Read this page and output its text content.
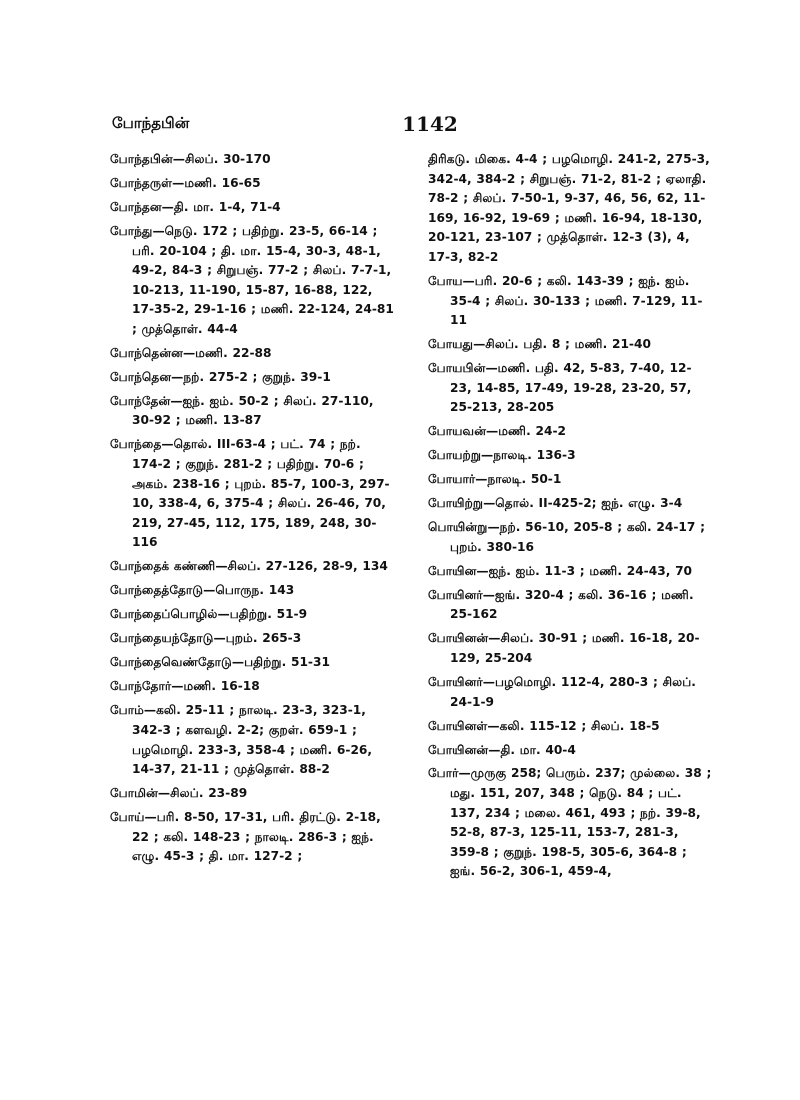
போந்தபின்	1142
போந்தபின்—சிலப். 30-170
போந்தருள்—மணி. 16-65
போந்தன—தி. மா. 1-4, 71-4
போந்து—நெடு. 172 ; பதிற்று. 23-5, 66-14 ; பரி. 20-104 ; தி. மா. 15-4, 30-3, 48-1, 49-2, 84-3 ; சிறுபஞ். 77-2 ; சிலப். 7-7-1, 10-213, 11-190, 15-87, 16-88, 122, 17-35-2, 29-1-16 ; மணி. 22-124, 24-81 ; முத்தொள். 44-4
போந்தென்ன—மணி. 22-88
போந்தென—நற். 275-2 ; குறுந். 39-1
போந்தேன்—ஐந். ஐம். 50-2 ; சிலப். 27-110, 30-92 ; மணி. 13-87
போந்தை—தொல். III-63-4 ; பட். 74 ; நற். 174-2 ; குறுந். 281-2 ; பதிற்று. 70-6 ; அகம். 238-16 ; புறம். 85-7, 100-3, 297-10, 338-4, 6, 375-4 ; சிலப். 26-46, 70, 219, 27-45, 112, 175, 189, 248, 30-116
போந்தைக் கண்ணி—சிலப். 27-126, 28-9, 134
போந்தைத்தோடு—பொருந. 143
போந்தைப்பொழில்—பதிற்று. 51-9
போந்தையந்தோடு—புறம். 265-3
போந்தைவெண்தோடு—பதிற்று. 51-31
போந்தோர்—மணி. 16-18
போம்—கலி. 25-11 ; நாலடி. 23-3, 323-1, 342-3 ; களவழி. 2-2; குறள். 659-1 ; பழமொழி. 233-3, 358-4 ; மணி. 6-26, 14-37, 21-11 ; முத்தொள். 88-2
போமின்—சிலப். 23-89
போய்—பரி. 8-50, 17-31, பரி. திரட்டு. 2-18, 22 ; கலி. 148-23 ; நாலடி. 286-3 ; ஐந். எழு. 45-3 ; தி. மா. 127-2 ;
திரிகடு. மிகை. 4-4 ; பழமொழி. 241-2, 275-3, 342-4, 384-2 ; சிறுபஞ். 71-2, 81-2 ; ஏலாதி. 78-2 ; சிலப். 7-50-1, 9-37, 46, 56, 62, 11-169, 16-92, 19-69 ; மணி. 16-94, 18-130, 20-121, 23-107 ; முத்தொள். 12-3 (3), 4, 17-3, 82-2
போய—பரி. 20-6 ; கலி. 143-39 ; ஐந். ஐம். 35-4 ; சிலப். 30-133 ; மணி. 7-129, 11-11
போயது—சிலப். பதி. 8 ; மணி. 21-40
போயபின்—மணி. பதி. 42, 5-83, 7-40, 12-23, 14-85, 17-49, 19-28, 23-20, 57, 25-213, 28-205
போயவன்—மணி. 24-2
போயற்று—நாலடி. 136-3
போயார்—நாலடி. 50-1
போயிற்று—தொல். II-425-2; ஐந். எழு. 3-4
பொயின்று—நற். 56-10, 205-8 ; கலி. 24-17 ; புறம். 380-16
போயின—ஐந். ஐம். 11-3 ; மணி. 24-43, 70
போயினர்—ஐங். 320-4 ; கலி. 36-16 ; மணி. 25-162
போயினன்—சிலப். 30-91 ; மணி. 16-18, 20-129, 25-204
போயினர்—பழமொழி. 112-4, 280-3 ; சிலப். 24-1-9
போயினள்—கலி. 115-12 ; சிலப். 18-5
போயினன்—தி. மா. 40-4
போர்—முருகு 258; பெரும். 237; முல்லை. 38 ; மது. 151, 207, 348 ; நெடு. 84 ; பட். 137, 234 ; மலை. 461, 493 ; நற். 39-8, 52-8, 87-3, 125-11, 153-7, 281-3, 359-8 ; குறுந். 198-5, 305-6, 364-8 ; ஐங். 56-2, 306-1, 459-4,
